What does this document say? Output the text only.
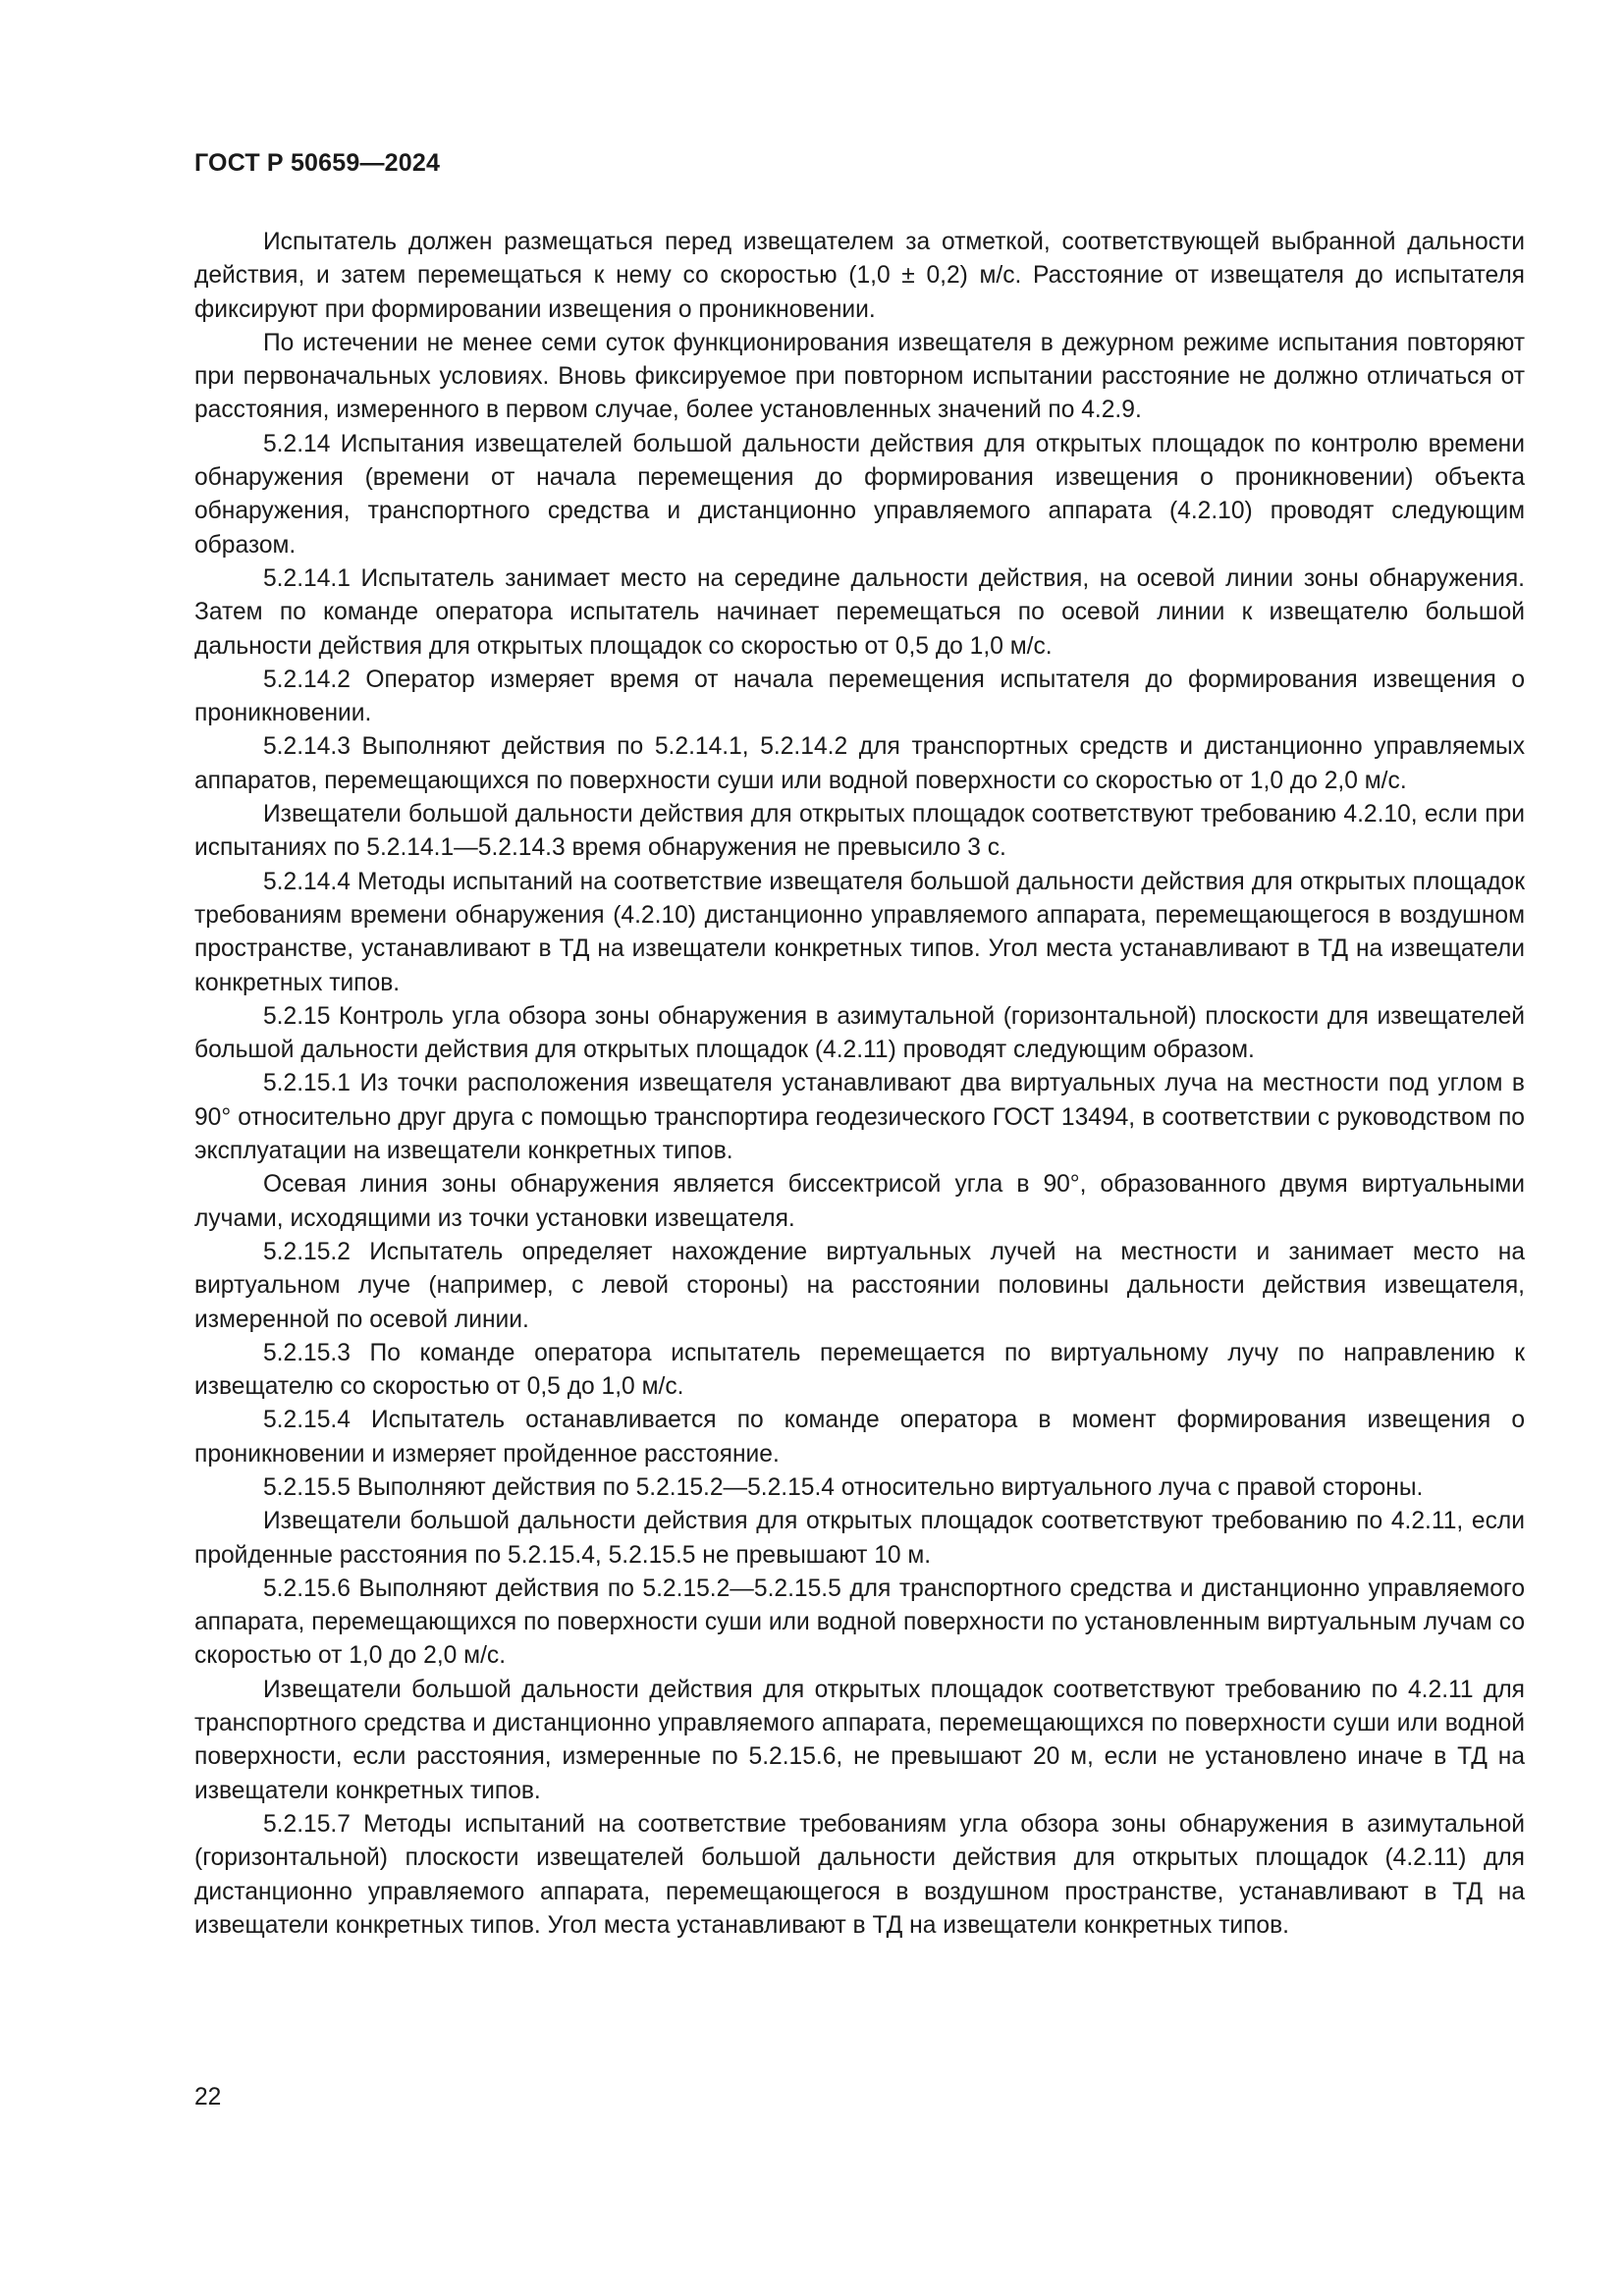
ГОСТ Р 50659—2024

Испытатель должен размещаться перед извещателем за отметкой, соответствующей выбранной дальности действия, и затем перемещаться к нему со скоростью (1,0 ± 0,2) м/с. Расстояние от извещателя до испытателя фиксируют при формировании извещения о проникновении.

По истечении не менее семи суток функционирования извещателя в дежурном режиме испытания повторяют при первоначальных условиях. Вновь фиксируемое при повторном испытании расстояние не должно отличаться от расстояния, измеренного в первом случае, более установленных значений по 4.2.9.

5.2.14 Испытания извещателей большой дальности действия для открытых площадок по контролю времени обнаружения (времени от начала перемещения до формирования извещения о проникновении) объекта обнаружения, транспортного средства и дистанционно управляемого аппарата (4.2.10) проводят следующим образом.

5.2.14.1 Испытатель занимает место на середине дальности действия, на осевой линии зоны обнаружения. Затем по команде оператора испытатель начинает перемещаться по осевой линии к извещателю большой дальности действия для открытых площадок со скоростью от 0,5 до 1,0 м/с.

5.2.14.2 Оператор измеряет время от начала перемещения испытателя до формирования извещения о проникновении.

5.2.14.3 Выполняют действия по 5.2.14.1, 5.2.14.2 для транспортных средств и дистанционно управляемых аппаратов, перемещающихся по поверхности суши или водной поверхности со скоростью от 1,0 до 2,0 м/с.

Извещатели большой дальности действия для открытых площадок соответствуют требованию 4.2.10, если при испытаниях по 5.2.14.1—5.2.14.3 время обнаружения не превысило 3 с.

5.2.14.4 Методы испытаний на соответствие извещателя большой дальности действия для открытых площадок требованиям времени обнаружения (4.2.10) дистанционно управляемого аппарата, перемещающегося в воздушном пространстве, устанавливают в ТД на извещатели конкретных типов. Угол места устанавливают в ТД на извещатели конкретных типов.

5.2.15 Контроль угла обзора зоны обнаружения в азимутальной (горизонтальной) плоскости для извещателей большой дальности действия для открытых площадок (4.2.11) проводят следующим образом.

5.2.15.1 Из точки расположения извещателя устанавливают два виртуальных луча на местности под углом в 90° относительно друг друга с помощью транспортира геодезического ГОСТ 13494, в соответствии с руководством по эксплуатации на извещатели конкретных типов.

Осевая линия зоны обнаружения является биссектрисой угла в 90°, образованного двумя виртуальными лучами, исходящими из точки установки извещателя.

5.2.15.2 Испытатель определяет нахождение виртуальных лучей на местности и занимает место на виртуальном луче (например, с левой стороны) на расстоянии половины дальности действия извещателя, измеренной по осевой линии.

5.2.15.3 По команде оператора испытатель перемещается по виртуальному лучу по направлению к извещателю со скоростью от 0,5 до 1,0 м/с.

5.2.15.4 Испытатель останавливается по команде оператора в момент формирования извещения о проникновении и измеряет пройденное расстояние.

5.2.15.5 Выполняют действия по 5.2.15.2—5.2.15.4 относительно виртуального луча с правой стороны.

Извещатели большой дальности действия для открытых площадок соответствуют требованию по 4.2.11, если пройденные расстояния по 5.2.15.4, 5.2.15.5 не превышают 10 м.

5.2.15.6 Выполняют действия по 5.2.15.2—5.2.15.5 для транспортного средства и дистанционно управляемого аппарата, перемещающихся по поверхности суши или водной поверхности по установленным виртуальным лучам со скоростью от 1,0 до 2,0 м/с.

Извещатели большой дальности действия для открытых площадок соответствуют требованию по 4.2.11 для транспортного средства и дистанционно управляемого аппарата, перемещающихся по поверхности суши или водной поверхности, если расстояния, измеренные по 5.2.15.6, не превышают 20 м, если не установлено иначе в ТД на извещатели конкретных типов.

5.2.15.7 Методы испытаний на соответствие требованиям угла обзора зоны обнаружения в азимутальной (горизонтальной) плоскости извещателей большой дальности действия для открытых площадок (4.2.11) для дистанционно управляемого аппарата, перемещающегося в воздушном пространстве, устанавливают в ТД на извещатели конкретных типов. Угол места устанавливают в ТД на извещатели конкретных типов.

22
